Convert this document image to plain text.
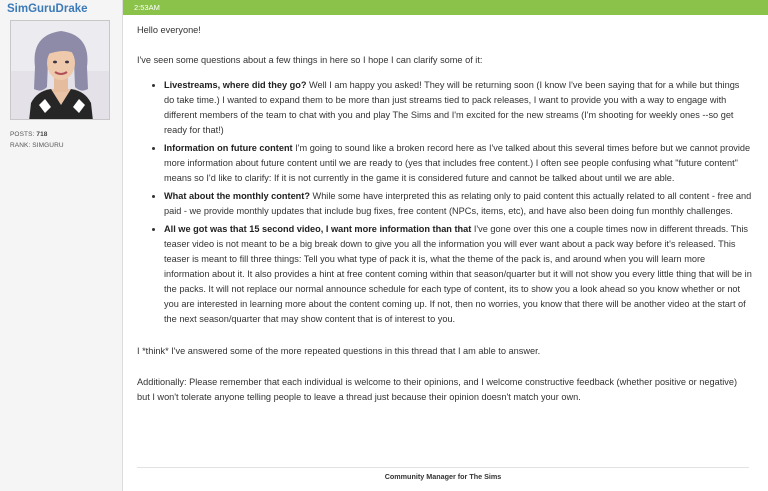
SimGuruDrake
POSTS: 718
RANK: SIMGURU
2:53AM

Hello everyone!

I've seen some questions about a few things in here so I hope I can clarify some of it:

• Livestreams, where did they go? Well I am happy you asked! They will be returning soon (I know I've been saying that for a while but things do take time.) I wanted to expand them to be more than just streams tied to pack releases, I want to provide you with a way to engage with different members of the team to chat with you and play The Sims and I'm excited for the new streams (I'm shooting for weekly ones --so get ready for that!)
• Information on future content I'm going to sound like a broken record here as I've talked about this several times before but we cannot provide more information about future content until we are ready to (yes that includes free content.) I often see people confusing what "future content" means so I'd like to clarify: If it is not currently in the game it is considered future and cannot be talked about until we are able.
• What about the monthly content? While some have interpreted this as relating only to paid content this actually related to all content - free and paid - we provide monthly updates that include bug fixes, free content (NPCs, items, etc), and have also been doing fun monthly challenges.
• All we got was that 15 second video, I want more information than that I've gone over this one a couple times now in different threads. This teaser video is not meant to be a big break down to give you all the information you will ever want about a pack way before it's released. This teaser is meant to fill three things: Tell you what type of pack it is, what the theme of the pack is, and around when you will learn more information about it. It also provides a hint at free content coming within that season/quarter but it will not show you every little thing that will be in the packs. It will not replace our normal announce schedule for each type of content, its to show you a look ahead so you know whether or not you are interested in learning more about the content coming up. If not, then no worries, you know that there will be another video at the start of the next season/quarter that may show content that is of interest to you.

I *think* I've answered some of the more repeated questions in this thread that I am able to answer.

Additionally: Please remember that each individual is welcome to their opinions, and I welcome constructive feedback (whether positive or negative) but I won't tolerate anyone telling people to leave a thread just because their opinion doesn't match your own.

Community Manager for The Sims
